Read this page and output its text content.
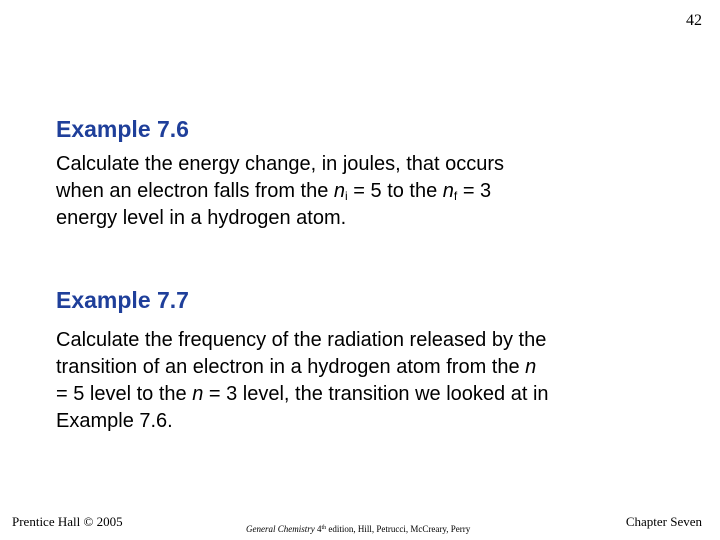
42
Example 7.6
Calculate the energy change, in joules, that occurs
when an electron falls from the $n_i = 5$ to the $n_f = 3$
energy level in a hydrogen atom.
Example 7.7
Calculate the frequency of the radiation released by the
transition of an electron in a hydrogen atom from the n
= 5 level to the n = 3 level, the transition we looked at in
Example 7.6.
Prentice Hall © 2005	General Chemistry 4th edition, Hill, Petrucci, McCreary, Perry	Chapter Seven
